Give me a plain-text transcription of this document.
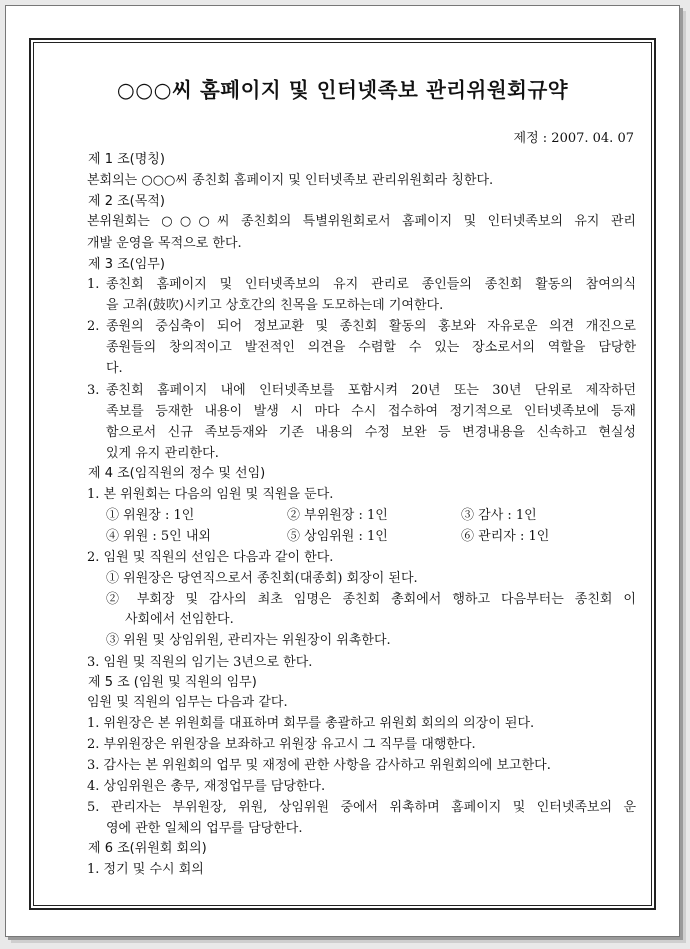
○○○씨 홈페이지 및 인터넷족보 관리위원회규약
제정 : 2007. 04. 07
제 1 조(명칭)
본회의는 ○○○씨 종친회 홈페이지 및 인터넷족보 관리위원회라 칭한다.
제 2 조(목적)
본위원회는 ○○○씨 종친회의 특별위원회로서 홈페이지 및 인터넷족보의 유지 관리
개발 운영을 목적으로 한다.
제 3 조(임무)
1. 종친회 홈페이지 및 인터넷족보의 유지 관리로 종인들의 종친회 활동의 참여의식
을 고취(鼓吹)시키고 상호간의 친목을 도모하는데 기여한다.
2. 종원의 중심축이 되어 정보교환 및 종친회 활동의 홍보와 자유로운 의견 개진으로
종원들의 창의적이고 발전적인 의견을 수렴할 수 있는 장소로서의 역할을 담당한
다.
3. 종친회 홈페이지 내에 인터넷족보를 포함시켜 20년 또는 30년 단위로 제작하던
족보를 등재한 내용이 발생 시 마다 수시 접수하여 정기적으로 인터넷족보에 등재
함으로서 신규 족보등재와 기존 내용의 수정 보완 등 변경내용을 신속하고 현실성
있게 유지 관리한다.
제 4 조(임직원의 정수 및 선임)
1. 본 위원회는 다음의 임원 및 직원을 둔다.
① 위원장 : 1인	② 부위원장 : 1인	③ 감사 : 1인
④ 위원 : 5인 내외	⑤ 상임위원 : 1인	⑥ 관리자 : 1인
2. 임원 및 직원의 선임은 다음과 같이 한다.
① 위원장은 당연직으로서 종친회(대종회) 회장이 된다.
② 부회장 및 감사의 최초 임명은 종친회 총회에서 행하고 다음부터는 종친회 이
사회에서 선임한다.
③ 위원 및 상임위원, 관리자는 위원장이 위촉한다.
3. 임원 및 직원의 임기는 3년으로 한다.
제 5 조 (임원 및 직원의 임무)
임원 및 직원의 임무는 다음과 같다.
1. 위원장은 본 위원회를 대표하며 회무를 총괄하고 위원회 회의의 의장이 된다.
2. 부위원장은 위원장을 보좌하고 위원장 유고시 그 직무를 대행한다.
3. 감사는 본 위원회의 업무 및 재정에 관한 사항을 감사하고 위원회의에 보고한다.
4. 상임위원은 총무, 재정업무를 담당한다.
5. 관리자는 부위원장, 위원, 상임위원 중에서 위촉하며 홈페이지 및 인터넷족보의 운
영에 관한 일체의 업무를 담당한다.
제 6 조(위원회 회의)
1. 정기 및 수시 회의
